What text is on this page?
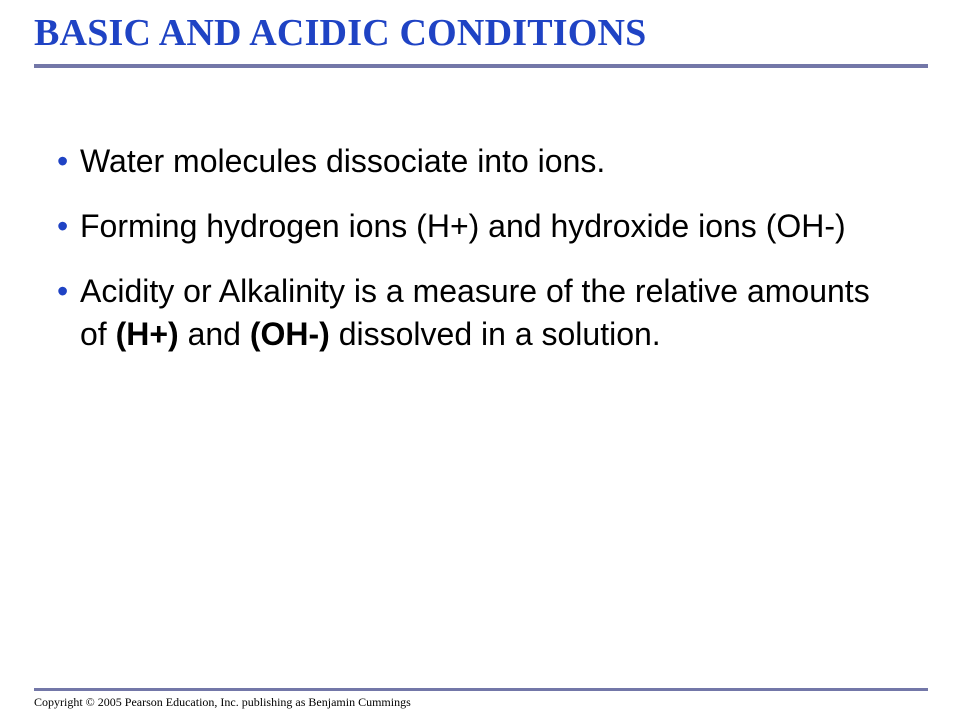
BASIC AND ACIDIC CONDITIONS
• Water molecules dissociate into ions.
• Forming hydrogen ions (H+) and hydroxide ions (OH-)
• Acidity or Alkalinity is a measure of the relative amounts of (H+) and (OH-) dissolved in a solution.
Copyright © 2005 Pearson Education, Inc. publishing as Benjamin Cummings
